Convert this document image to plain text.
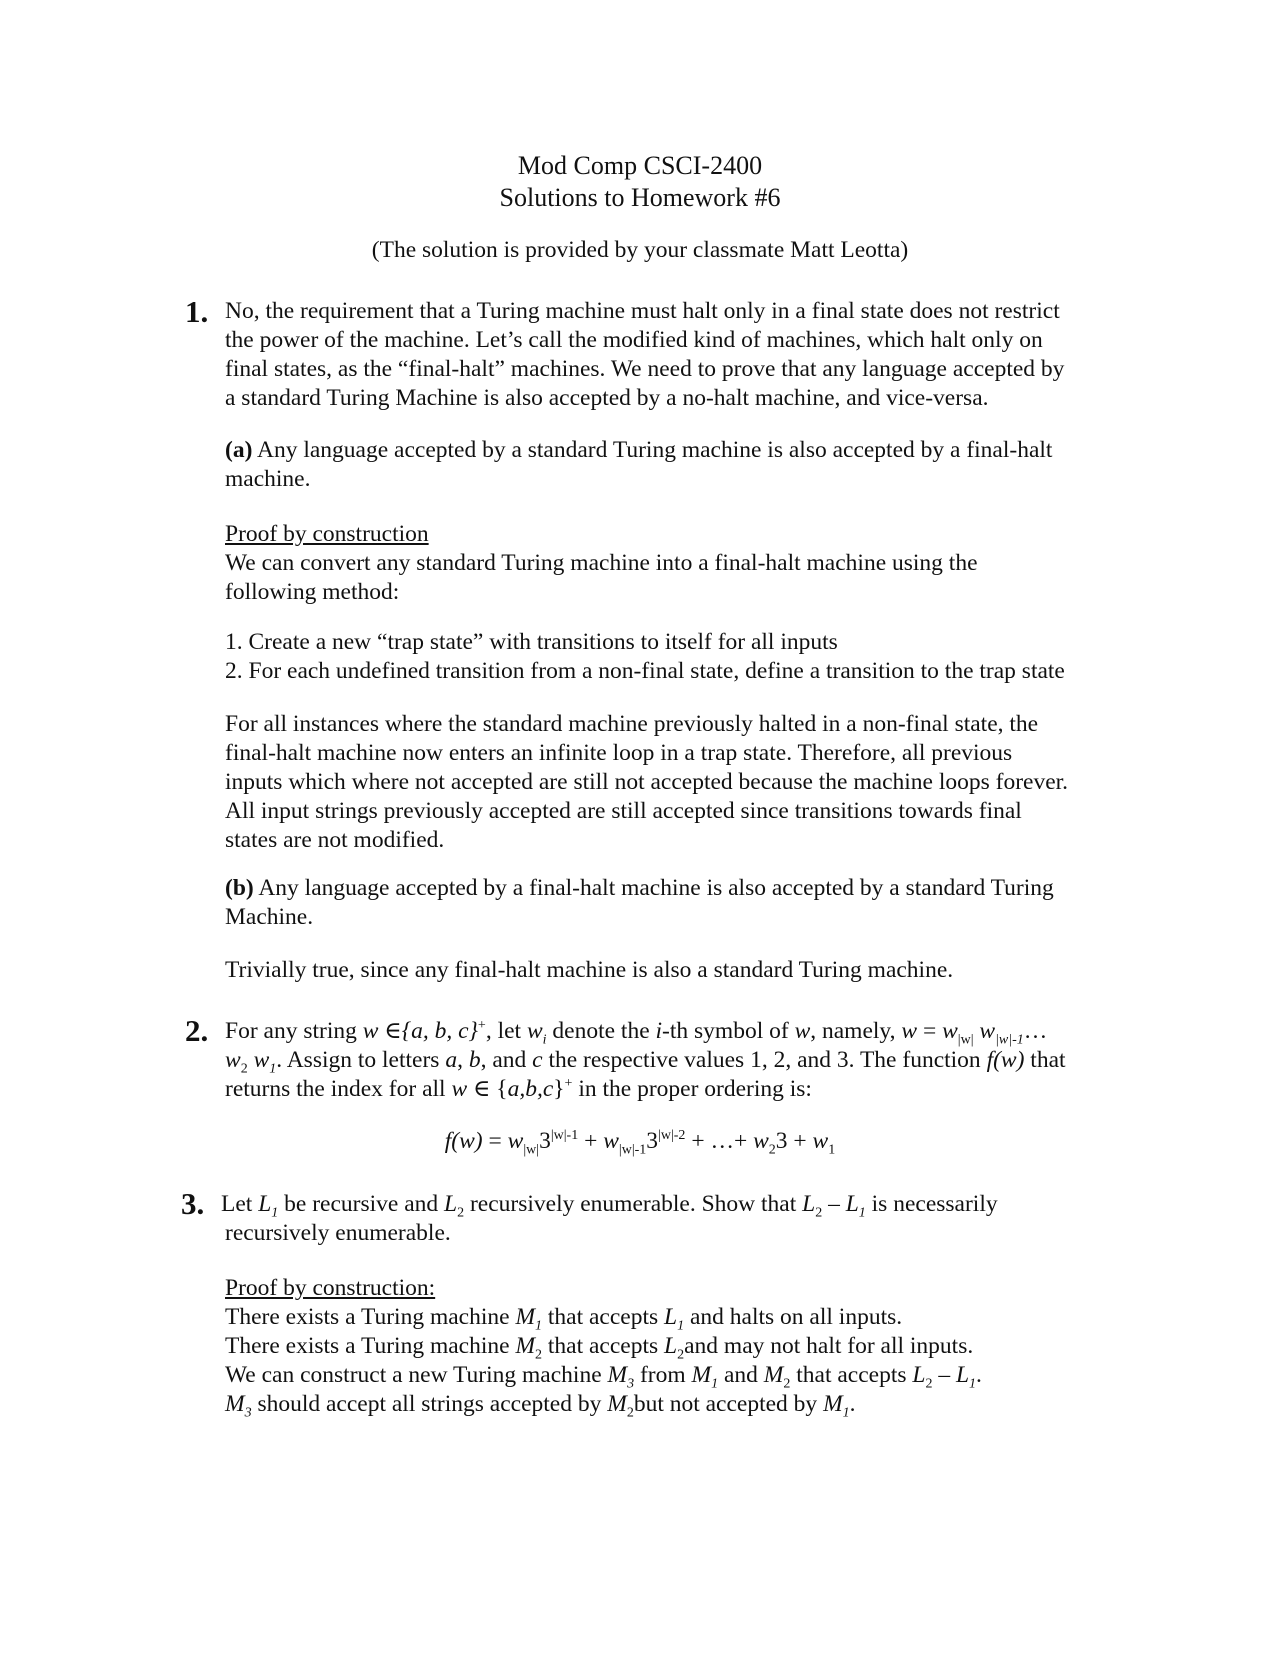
Mod Comp CSCI-2400
Solutions to Homework #6
(The solution is provided by your classmate Matt Leotta)
1. No, the requirement that a Turing machine must halt only in a final state does not restrict
the power of the machine. Let’s call the modified kind of machines, which halt only on
final states, as the “final-halt” machines. We need to prove that any language accepted by
a standard Turing Machine is also accepted by a no-halt machine, and vice-versa.
(a) Any language accepted by a standard Turing machine is also accepted by a final-halt
machine.
Proof by construction
We can convert any standard Turing machine into a final-halt machine using the
following method:
1. Create a new “trap state” with transitions to itself for all inputs
2. For each undefined transition from a non-final state, define a transition to the trap state
For all instances where the standard machine previously halted in a non-final state, the
final-halt machine now enters an infinite loop in a trap state. Therefore, all previous
inputs which where not accepted are still not accepted because the machine loops forever.
All input strings previously accepted are still accepted since transitions towards final
states are not modified.
(b) Any language accepted by a final-halt machine is also accepted by a standard Turing
Machine.
Trivially true, since any final-halt machine is also a standard Turing machine.
2. For any string w ∈{a, b, c}+, let $w_i$ denote the i-th symbol of w, namely, $w = w_{|w|}$ $w_{|w|-1}\dots$
$w_2$ $w_1$. Assign to letters a, b, and c the respective values 1, 2, and 3. The function f(w) that
returns the index for all w ∈ {a,b,c}+ in the proper ordering is:
$f(w) = w_{|w|}3^{|w|-1} + w_{|w|-1}3^{|w|-2}$ + …+ $w_23 + w_1$
3. Let $L_1$ be recursive and $L_2$ recursively enumerable. Show that $L_2 - L_1$ is necessarily
recursively enumerable.
Proof by construction:
There exists a Turing machine $M_1$ that accepts $L_1$ and halts on all inputs.
There exists a Turing machine $M_2$ that accepts $L_2and$ may not halt for all inputs.
We can construct a new Turing machine $M_3$ from $M_1$ and $M_2$ that accepts $L_2 - L_1$.
$M_3$ should accept all strings accepted by $M_2but$ not accepted by $M_1$.
